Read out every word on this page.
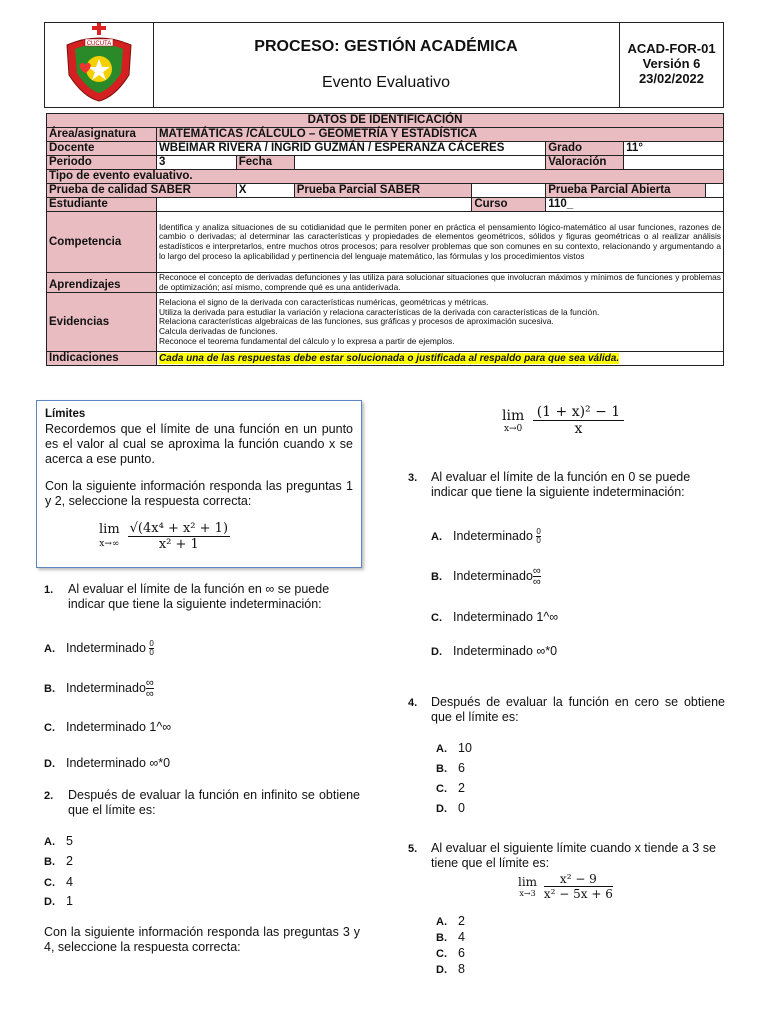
CUCUTA	PROCESO: GESTIÓN ACADÉMICA
Evento Evaluativo
ACAD-FOR-01
Versión 6
23/02/2022
DATOS DE IDENTIFICACIÓN							
Área/asignatura	MATEMÁTICAS /CÁLCULO – GEOMETRÍA Y ESTADÍSTICA						
Docente	WBEIMAR RIVERA / INGRID GUZMÁN / ESPERANZA CÁCERES				Grado	11°	
Periodo	3	Fecha			Valoración		
Tipo de evento evaluativo.							
Prueba de calidad SABER		X	Prueba Parcial SABER		Prueba Parcial Abierta		
Estudiante				Curso	110_		
Competencia	Identifica y analiza situaciones de su cotidianidad que le permiten poner en práctica el pensamiento lógico-matemático al usar funciones, razones de cambio o derivadas; al determinar las características y propiedades de elementos geométricos, sólidos y figuras geométricas o al realizar análisis estadísticos e interpretarlos, entre muchos otros procesos; para resolver problemas que son comunes en su contexto, relacionando y argumentando a lo largo del proceso la aplicabilidad y pertinencia del lenguaje matemático, las fórmulas y los procedimientos vistos						
Aprendizajes	Reconoce el concepto de derivadas defunciones y las utiliza para solucionar situaciones que involucran máximos y mínimos de funciones y problemas de optimización; así mismo, comprende qué es una antiderivada.						
Evidencias	Relaciona el signo de la derivada con características numéricas, geométricas y métricas.
Utiliza la derivada para estudiar la variación y relaciona características de la derivada con características de la función.
Relaciona características algebraicas de las funciones, sus gráficas y procesos de aproximación sucesiva.
Calcula derivadas de funciones.
Reconoce el teorema fundamental del cálculo y lo expresa a partir de ejemplos.						

Indicaciones	Cada una de las respuestas debe estar solucionada o justificada al respaldo para que sea válida.						
Límites
Recordemos que el límite de una función en un punto es el valor al cual se aproxima la función cuando x se acerca a ese punto.
Con la siguiente información responda las preguntas 1 y 2, seleccione la respuesta correcta:
lim
x→∞
$\frac{\text{√(4x⁴ + x² + 1)}}{\text{x² + 1}}$
1. Al evaluar el límite de la función en ∞ se puede indicar que tiene la siguiente indeterminación:
A. Indeterminado $\frac{0}{0}$
B. Indeterminado $\frac{\infty}{\infty}$
C. Indeterminado 1^∞
D. Indeterminado ∞*0
2. Después de evaluar la función en infinito se obtiene que el límite es:
A. 5
B. 2
C. 4
D. 1
Con la siguiente información responda las preguntas 3 y 4, seleccione la respuesta correcta:
lim
x→0
$\frac{\text{(1 + x)² − 1}}{x}$
3. Al evaluar el límite de la función en 0 se puede indicar que tiene la siguiente indeterminación:
A. Indeterminado $\frac{0}{0}$
B. Indeterminado $\frac{\infty}{\infty}$
C. Indeterminado 1^∞
D. Indeterminado ∞*0
4. Después de evaluar la función en cero se obtiene que el límite es:
A. 10
B. 6
C. 2
D. 0
5. Al evaluar el siguiente límite cuando x tiende a 3 se tiene que el límite es:
lim
x→3
$\frac{\text{x² − 9}}{\text{x² − 5x + 6}}$
A. 2
B. 4
C. 6
D. 8
